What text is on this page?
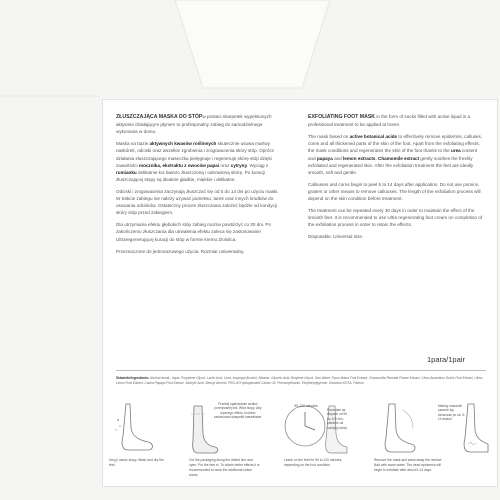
ZŁUSZCZAJĄCA MASKA DO STÓPw postaci skarpetek wypełnionych aktywnie działającym płynem to profesjonalny zabieg do samodzielnego wykonania w domu.

Maska na bazie aktywnych kwasów roślinnych skutecznie usuwa martwy naskórek, odciski oraz wszelkie zgrubienia i zrogowacenia skóry stóp. Oprócz działania złuszczającego maseczka pielęgnuje i regeneruje skórę stóp dzięki zawartości mocznika, ekstraktu z owoców papai oraz cytryny. Wyciąg z rumianku delikatnie koi świeżo złuszczoną i odnowioną skórę. Po kuracji złuszczającej stopy są idealnie gładkie, miękkie i delikatne.

Odciski i zrogowacenia zaczynają złuszczać się od 5 do 14 dni po użyciu maski. W trakcie zabiegu nie należy używać pumeksu, tarek oraz innych środków do usuwania odcisków. Ostateczny proces złuszczania zależeć będzie od kondycji skóry stóp przed zabiegiem.

Dla utrzymania efektu głębokich stóp zabieg można powtórzyć co 30 dni. Po zakończeniu złuszczania dla utrwalenia efektu zaleca się zastosowanie Ultraregenerującej kuracji do stóp w formie kremu Ziololica.

Przeznaczone do jednorazowego użycia. Rozmiar uniwersalny.

EXFOLIATING FOOT MASK in the form of socks filled with active liquid is a professional treatment to be applied at home.

The mask based on active botanical acids to effectively remove epidermis, calluses, corns and all thickened parts of the skin of the foot. Apart from the exfoliating effects, the mask conditions and regenerates the skin of the foot thanks to the urea content and papaya and lemon extracts. Chamomile extract gently soothes the freshly exfoliated and regenerated skin. After the exfoliation treatment the feet are ideally smooth, soft and gentle.

Callouses and corns begin to peel 5 to 14 days after application. Do not use pumice, graters or other means to remove callouses. The length of the exfoliation process will depend on the skin condition before treatment.

The treatment can be repeated every 30 days in order to maintain the effect of the smooth feet. It is recommended to use Ultra regenerating foot cream on completion of the exfoliation process in order to retain the effects.

Disposable. Universal size.

1para/1pair
Składniki/Ingredients: Alcohol denat., Aqua, Propylene Glycol, Lactic Acid, Urea, Isopropyl Alcohol, Betaine, Glycolic Acid, Butylene Glycol, Sea Water, Pyrus Malus Fruit Extract, Chamomilla Recutita Flower Extract, Citrus Aurantium Dulcis Fruit Extract, Citrus Limon Fruit Extract, Carica Papaya Fruit Extract, Salicylic Acid, Benzyl Alcohol, PEG-40 Hydrogenated Castor Oil, Phenoxyethanol, Ethylhexylglycerin, Disodium EDTA, Parfum.
Umyj i osusz stopy. Wash and dry the feet.
Przetnij opakowanie wzdłuż przerywanej linii. Włóż stopy. Aby lepszego efektu, możesz zastosować skarpetki bawełniane.
Cut the packaging along the dotted line and open. Put the feet in. To obtain better effects it is recommended to wear the additional cotton socks.
90-120 minutes
Pozostaw na stopach od 90 do 120 min, zależnie od kondycji skóry.
Leave on the feet for 90 to 120 minutes, depending on the foot condition.
Remove the mask and wash away the residue fluid with warm water. The dead epidermis will begin to exfoliate after about 5-14 days.
Martwy naskórek zacznie się złuszczać po ok. 5-14 dniach.
